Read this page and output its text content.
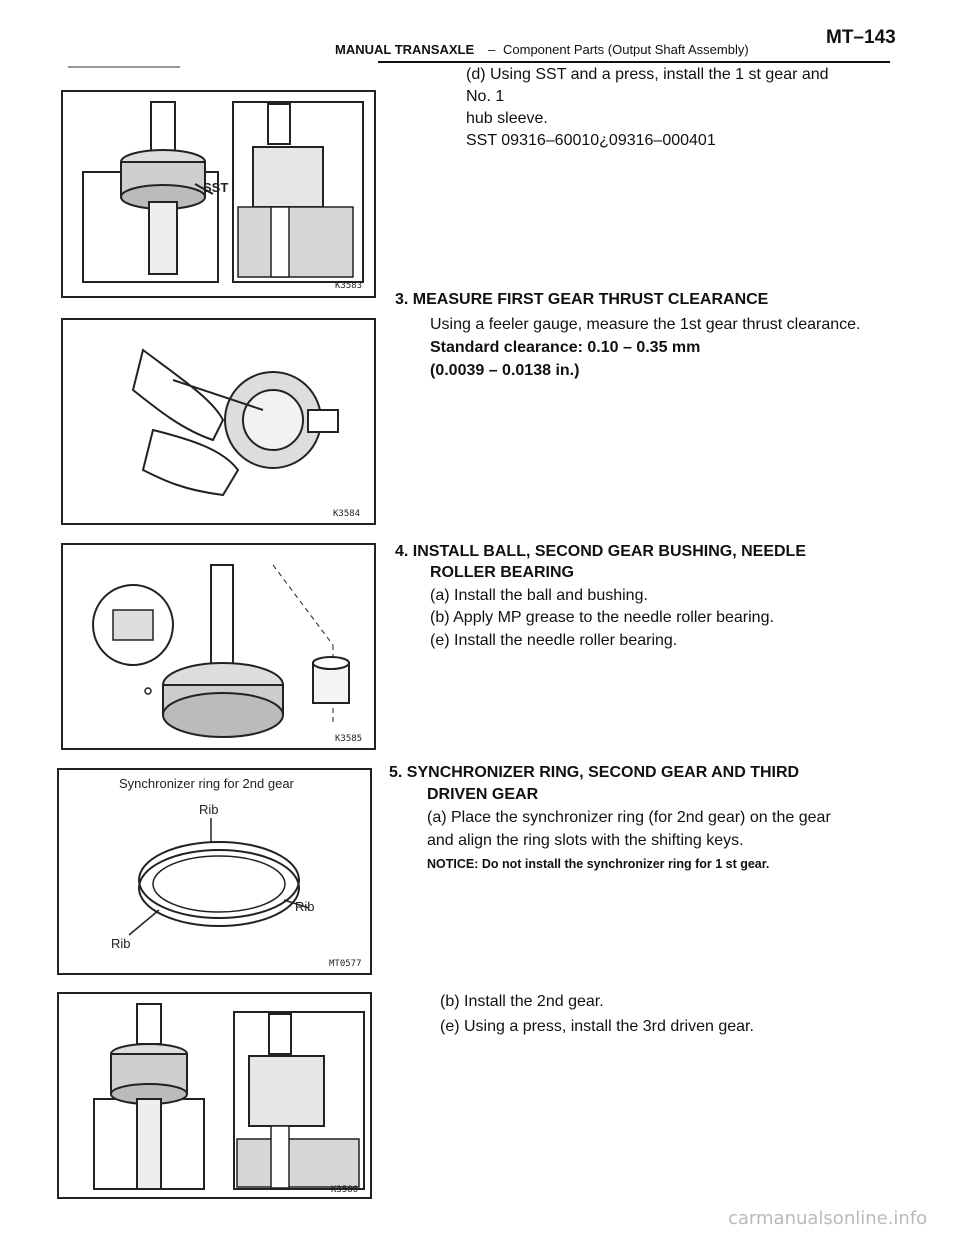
MANUAL TRANSAXLE – Component Parts (Output Shaft Assembly)
MT–143
SST
K3583
(d) Using SST and a press, install the 1 st gear and
No. 1
hub sleeve.
SST 09316–60010¿09316–000401
K3584
3. MEASURE FIRST GEAR THRUST CLEARANCE
Using a feeler gauge, measure the 1st gear thrust clearance.
Standard clearance: 0.10 – 0.35 mm
(0.0039 – 0.0138 in.)
K3585
4. INSTALL BALL, SECOND GEAR BUSHING, NEEDLE
ROLLER BEARING
(a) Install the ball and bushing.
(b) Apply MP grease to the needle roller bearing.
(e) Install the needle roller bearing.
Synchronizer ring for 2nd gear
Rib
Rib
Rib
MT0577
5. SYNCHRONIZER RING, SECOND GEAR AND THIRD
DRIVEN GEAR
(a) Place the synchronizer ring (for 2nd gear) on the gear
and align the ring slots with the shifting keys.
NOTICE: Do not install the synchronizer ring for 1 st gear.
K3586
(b) Install the 2nd gear.
(e) Using a press, install the 3rd driven gear.
carmanualsonline.info
